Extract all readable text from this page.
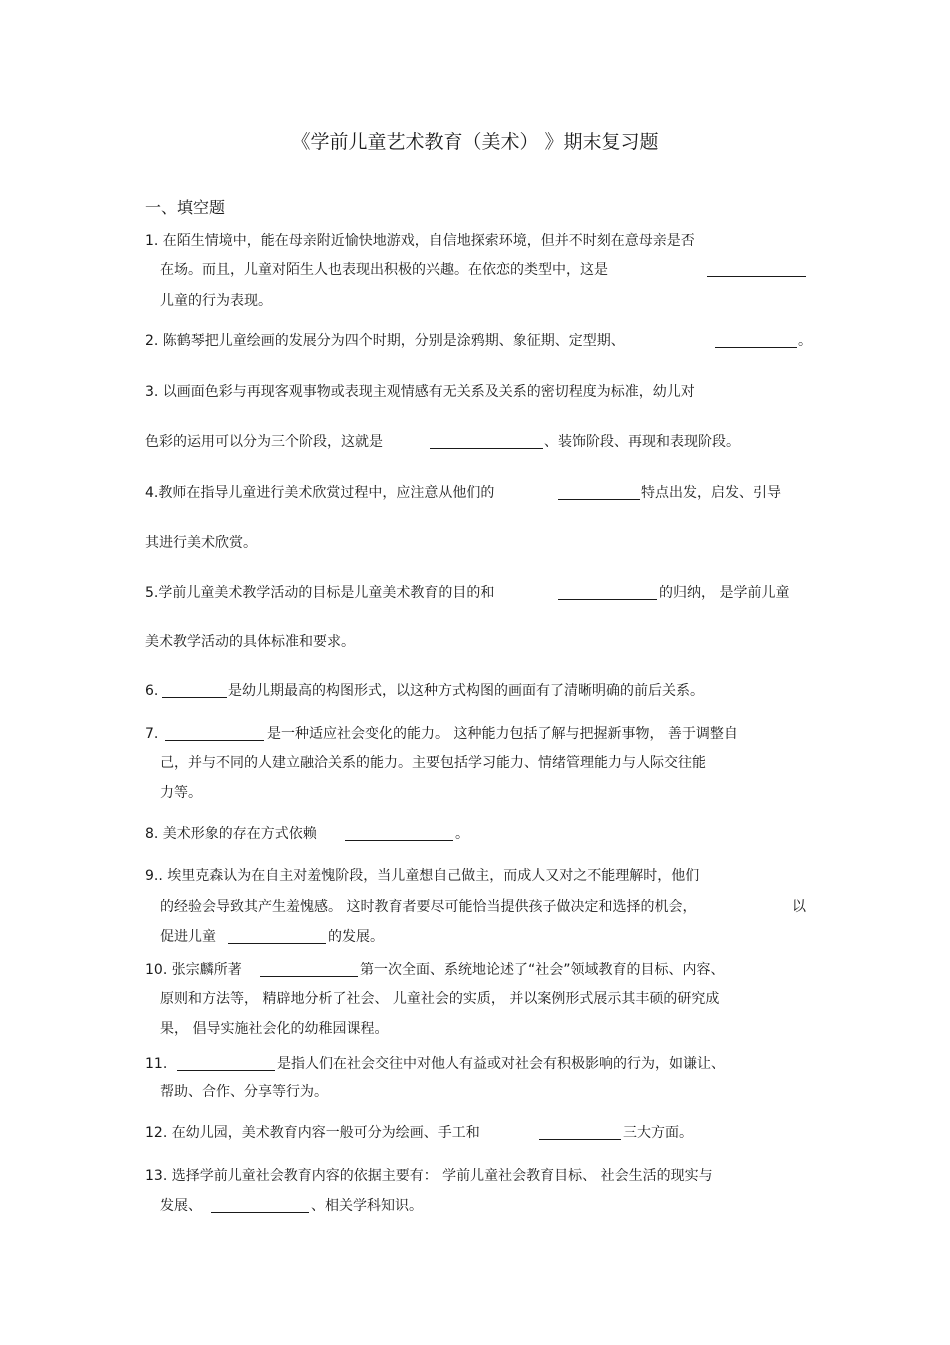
《学前儿童艺术教育（美术） 》期末复习题
一、填空题
1. 在陌生情境中，能在母亲附近愉快地游戏，自信地探索环境，但并不时刻在意母亲是否
在场。而且，儿童对陌生人也表现出积极的兴趣。在依恋的类型中，这是
儿童的行为表现。
2. 陈鹤琴把儿童绘画的发展分为四个时期，分别是涂鸦期、象征期、定型期、	。
3. 以画面色彩与再现客观事物或表现主观情感有无关系及关系的密切程度为标准，幼儿对
色彩的运用可以分为三个阶段，这就是	、装饰阶段、再现和表现阶段。
4.教师在指导儿童进行美术欣赏过程中，应注意从他们的	特点出发，启发、引导
其进行美术欣赏。
5.学前儿童美术教学活动的目标是儿童美术教育的目的和	的归纳， 是学前儿童
美术教学活动的具体标准和要求。
6.	是幼儿期最高的构图形式，以这种方式构图的画面有了清晰明确的前后关系。
7.	是一种适应社会变化的能力。 这种能力包括了解与把握新事物， 善于调整自
己，并与不同的人建立融洽关系的能力。主要包括学习能力、情绪管理能力与人际交往能
力等。
8. 美术形象的存在方式依赖	。
9.. 埃里克森认为在自主对羞愧阶段，当儿童想自己做主，而成人又对之不能理解时，他们
的经验会导致其产生羞愧感。 这时教育者要尽可能恰当提供孩子做决定和选择的机会，	以
促进儿童	的发展。
10. 张宗麟所著	第一次全面、系统地论述了“社会”领域教育的目标、内容、
原则和方法等， 精辟地分析了社会、 儿童社会的实质， 并以案例形式展示其丰硕的研究成
果， 倡导实施社会化的幼稚园课程。
11.	是指人们在社会交往中对他人有益或对社会有积极影响的行为，如谦让、
帮助、合作、分享等行为。
12. 在幼儿园，美术教育内容一般可分为绘画、手工和	三大方面。
13. 选择学前儿童社会教育内容的依据主要有： 学前儿童社会教育目标、 社会生活的现实与
发展、	、相关学科知识。
